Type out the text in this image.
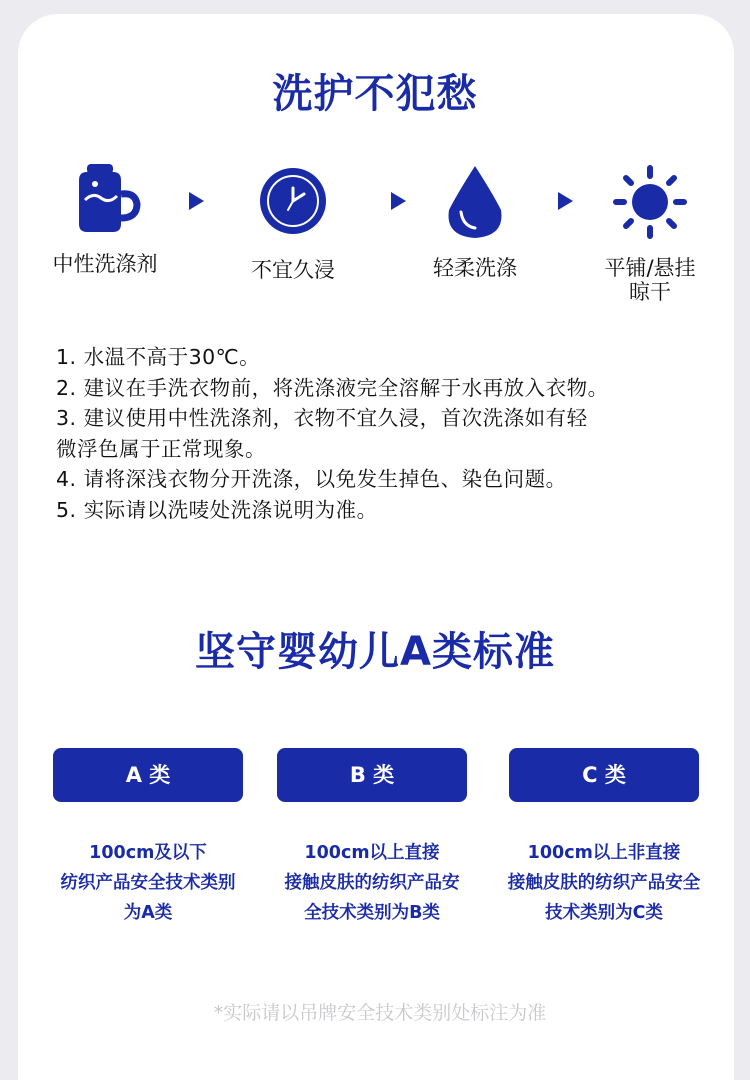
洗护不犯愁
中性洗涤剂	不宜久浸	轻柔洗涤	平铺/悬挂
晾干
1. 水温不高于30℃。
2. 建议在手洗衣物前，将洗涤液完全溶解于水再放入衣物。
3. 建议使用中性洗涤剂，衣物不宜久浸，首次洗涤如有轻
微浮色属于正常现象。
4. 请将深浅衣物分开洗涤，以免发生掉色、染色问题。
5. 实际请以洗唛处洗涤说明为准。
坚守婴幼儿A类标准
A 类	B 类	C 类
100cm及以下
纺织产品安全技术类别
为A类
100cm以上直接
接触皮肤的纺织产品安
全技术类别为B类
100cm以上非直接
接触皮肤的纺织产品安全
技术类别为C类
*实际请以吊牌安全技术类别处标注为准
